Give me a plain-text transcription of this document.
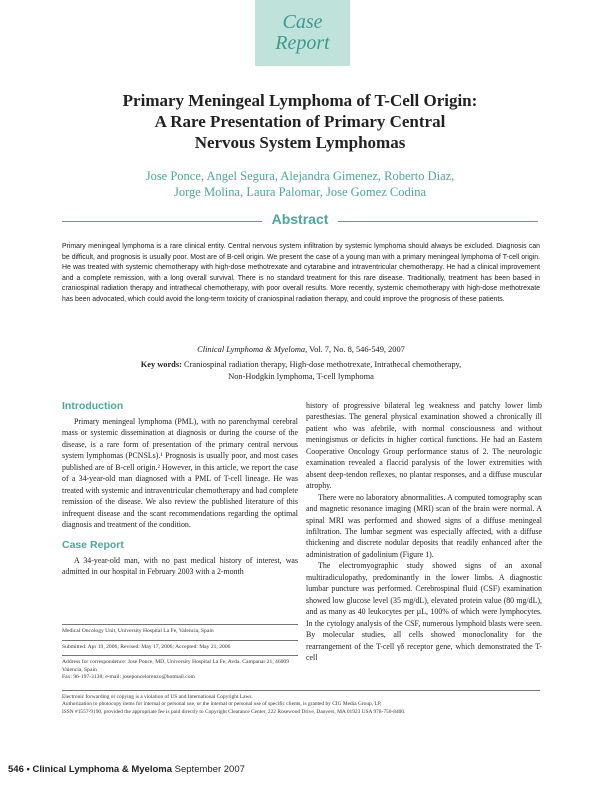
Case
Report
Primary Meningeal Lymphoma of T-Cell Origin:
A Rare Presentation of Primary Central
Nervous System Lymphomas
Jose Ponce, Angel Segura, Alejandra Gimenez, Roberto Diaz,
Jorge Molina, Laura Palomar, Jose Gomez Codina
Abstract
Primary meningeal lymphoma is a rare clinical entity. Central nervous system infiltration by systemic lymphoma should always be excluded. Diagnosis can be difficult, and prognosis is usually poor. Most are of B-cell origin. We present the case of a young man with a primary meningeal lymphoma of T-cell origin. He was treated with systemic chemotherapy with high-dose methotrexate and cytarabine and intraventricular chemotherapy. He had a clinical improvement and a complete remission, with a long overall survival. There is no standard treatment for this rare disease. Traditionally, treatment has been based in craniospinal radiation therapy and intrathecal chemotherapy, with poor overall results. More recently, systemic chemotherapy with high-dose methotrexate has been advocated, which could avoid the long-term toxicity of craniospinal radiation therapy, and could improve the prognosis of these patients.
Clinical Lymphoma & Myeloma, Vol. 7, No. 8, 546-549, 2007
Key words: Craniospinal radiation therapy, High-dose methotrexate, Intrathecal chemotherapy,
Non-Hodgkin lymphoma, T-cell lymphoma
Introduction

Primary meningeal lymphoma (PML), with no parenchymal cerebral mass or systemic dissemination at diagnosis or during the course of the disease, is a rare form of presentation of the primary central nervous system lymphomas (PCNSLs).¹ Prognosis is usually poor, and most cases published are of B-cell origin.² However, in this article, we report the case of a 34-year-old man diagnosed with a PML of T-cell lineage. He was treated with systemic and intraventricular chemotherapy and had complete remission of the disease. We also review the published literature of this infrequent disease and the scant recommendations regarding the optimal diagnosis and treatment of the condition.

Case Report

A 34-year-old man, with no past medical history of interest, was admitted in our hospital in February 2003 with a 2-month

Medical Oncology Unit, University Hospital La Fe, Valencia, Spain
Submitted: Apr 19, 2006; Revised: May 17, 2006; Accepted: May 21, 2006
Address for correspondence: Jose Ponce, MD, University Hospital La Fe, Avda. Campanar 21, 46009 Valencia, Spain
Fax: 96-197-3138; e-mail: joseponcelorenzo@hotmail.com

history of progressive bilateral leg weakness and patchy lower limb paresthesias. The general physical examination showed a chronically ill patient who was afebrile, with normal consciousness and without meningismus or deficits in higher cortical functions. He had an Eastern Cooperative Oncology Group performance status of 2. The neurologic examination revealed a flaccid paralysis of the lower extremities with absent deep-tendon reflexes, no plantar responses, and a diffuse muscular atrophy.

There were no laboratory abnormalities. A computed tomography scan and magnetic resonance imaging (MRI) scan of the brain were normal. A spinal MRI was performed and showed signs of a diffuse meningeal infiltration. The lumbar segment was especially affected, with a diffuse thickening and discrete nodular deposits that readily enhanced after the administration of gadolinium (Figure 1).

The electromyographic study showed signs of an axonal multiradiculopathy, predominantly in the lower limbs. A diagnostic lumbar puncture was performed. Cerebrospinal fluid (CSF) examination showed low glucose level (35 mg/dL), elevated protein value (80 mg/dL), and as many as 40 leukocytes per µL, 100% of which were lymphocytes. In the cytology analysis of the CSF, numerous lymphoid blasts were seen. By molecular studies, all cells showed monoclonality for the rearrangement of the T-cell γδ receptor gene, which demonstrated the T-cell

Electronic forwarding or copying is a violation of US and International Copyright Laws.
Authorization to photocopy items for internal or personal use, or the internal or personal use of specific clients, is granted by CIG Media Group, LP,
ISSN #1557-9190, provided the appropriate fee is paid directly to Copyright Clearance Center, 222 Rosewood Drive, Danvers, MA 01923 USA 978-750-8400.
546 • Clinical Lymphoma & Myeloma September 2007
